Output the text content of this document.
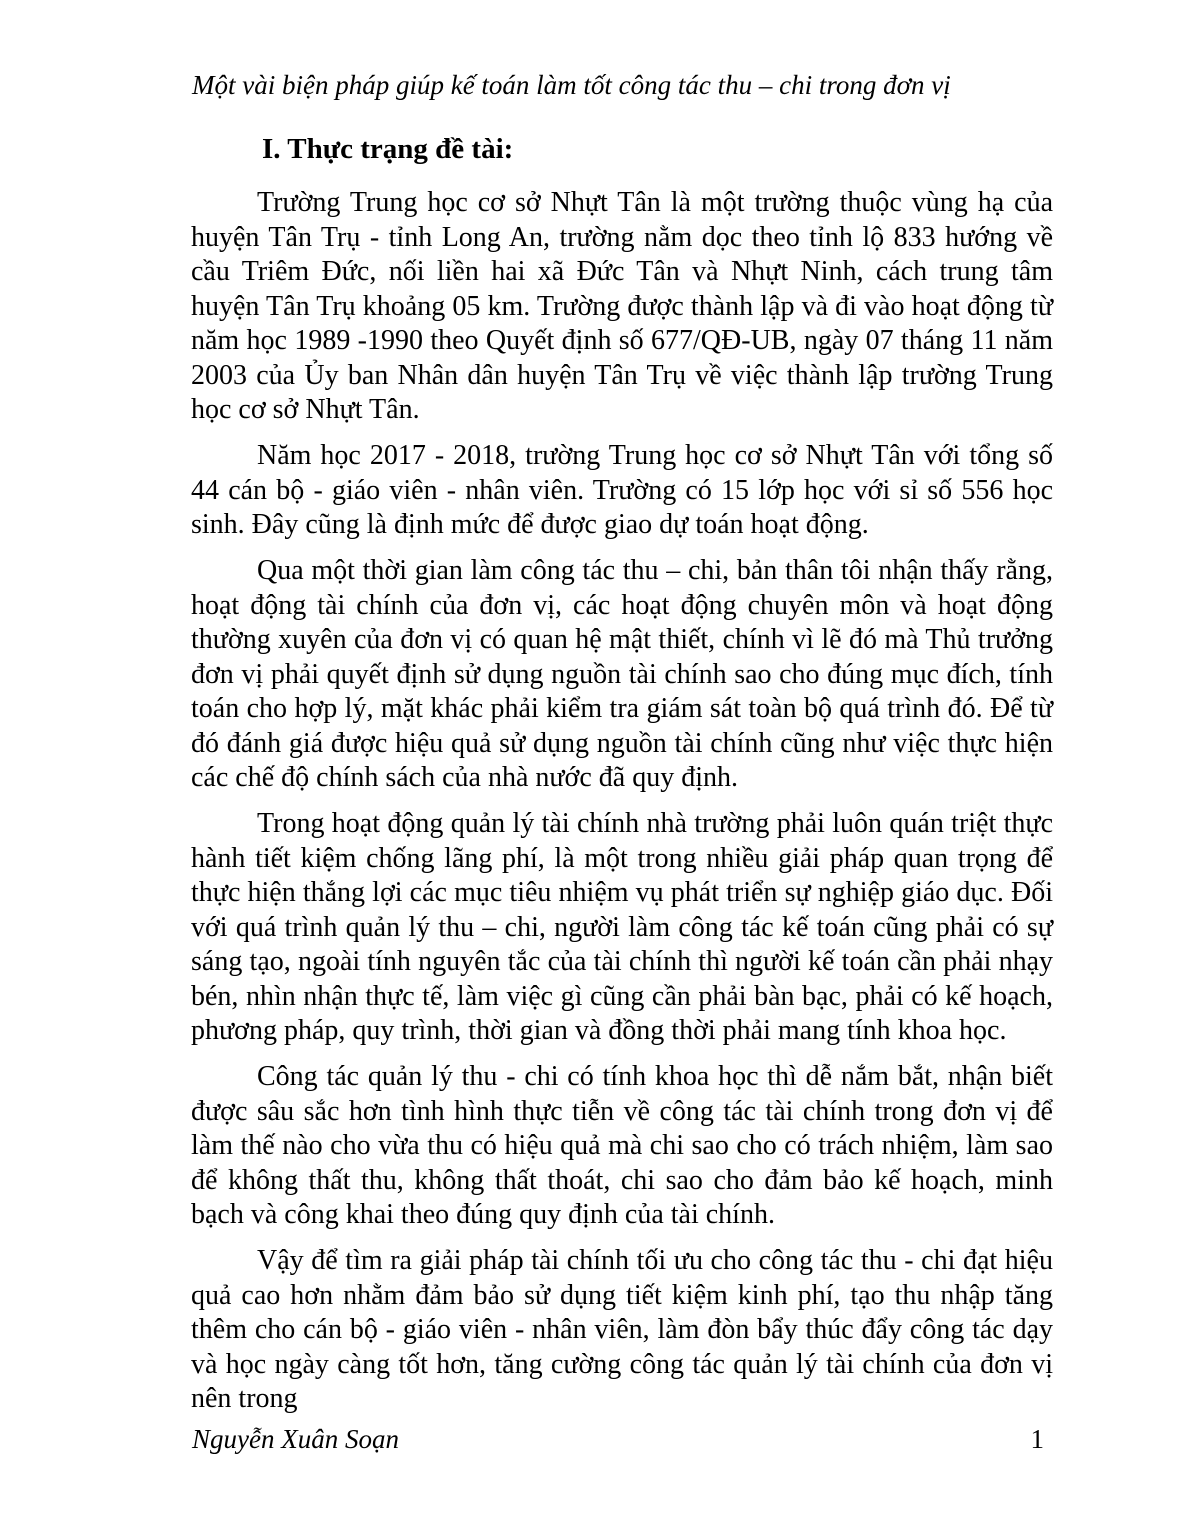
Một vài biện pháp giúp kế toán làm tốt công tác thu – chi trong đơn vị
I. Thực trạng đề tài:

Trường Trung học cơ sở Nhựt Tân là một trường thuộc vùng hạ của huyện Tân Trụ - tỉnh Long An, trường nằm dọc theo tỉnh lộ 833 hướng về cầu Triêm Đức, nối liền hai xã Đức Tân và Nhựt Ninh, cách trung tâm huyện Tân Trụ khoảng 05 km. Trường được thành lập và đi vào hoạt động từ năm học 1989 -1990 theo Quyết định số 677/QĐ-UB, ngày 07 tháng 11 năm 2003 của Ủy ban Nhân dân huyện Tân Trụ về việc thành lập trường Trung học cơ sở Nhựt Tân.

Năm học 2017 - 2018, trường Trung học cơ sở Nhựt Tân với tổng số 44 cán bộ - giáo viên - nhân viên. Trường có 15 lớp học với sỉ số 556 học sinh. Đây cũng là định mức để được giao dự toán hoạt động.

Qua một thời gian làm công tác thu – chi, bản thân tôi nhận thấy rằng, hoạt động tài chính của đơn vị, các hoạt động chuyên môn và hoạt động thường xuyên của đơn vị có quan hệ mật thiết, chính vì lẽ đó mà Thủ trưởng đơn vị phải quyết định sử dụng nguồn tài chính sao cho đúng mục đích, tính toán cho hợp lý, mặt khác phải kiểm tra giám sát toàn bộ quá trình đó. Để từ đó đánh giá được hiệu quả sử dụng nguồn tài chính cũng như việc thực hiện các chế độ chính sách của nhà nước đã quy định.

Trong hoạt động quản lý tài chính nhà trường phải luôn quán triệt thực hành tiết kiệm chống lãng phí, là một trong nhiều giải pháp quan trọng để thực hiện thắng lợi các mục tiêu nhiệm vụ phát triển sự nghiệp giáo dục. Đối với quá trình quản lý thu – chi, người làm công tác kế toán cũng phải có sự sáng tạo, ngoài tính nguyên tắc của tài chính thì người kế toán cần phải nhạy bén, nhìn nhận thực tế, làm việc gì cũng cần phải bàn bạc, phải có kế hoạch, phương pháp, quy trình, thời gian và đồng thời phải mang tính khoa học.

Công tác quản lý thu - chi có tính khoa học thì dễ nắm bắt, nhận biết được sâu sắc hơn tình hình thực tiễn về công tác tài chính trong đơn vị để làm thế nào cho vừa thu có hiệu quả mà chi sao cho có trách nhiệm, làm sao để không thất thu, không thất thoát, chi sao cho đảm bảo kế hoạch, minh bạch và công khai theo đúng quy định của tài chính.

Vậy để tìm ra giải pháp tài chính tối ưu cho công tác thu - chi đạt hiệu quả cao hơn nhằm đảm bảo sử dụng tiết kiệm kinh phí, tạo thu nhập tăng thêm cho cán bộ - giáo viên - nhân viên, làm đòn bẩy thúc đẩy công tác dạy và học ngày càng tốt hơn, tăng cường công tác quản lý tài chính của đơn vị nên trong

Nguyễn Xuân Soạn	1
